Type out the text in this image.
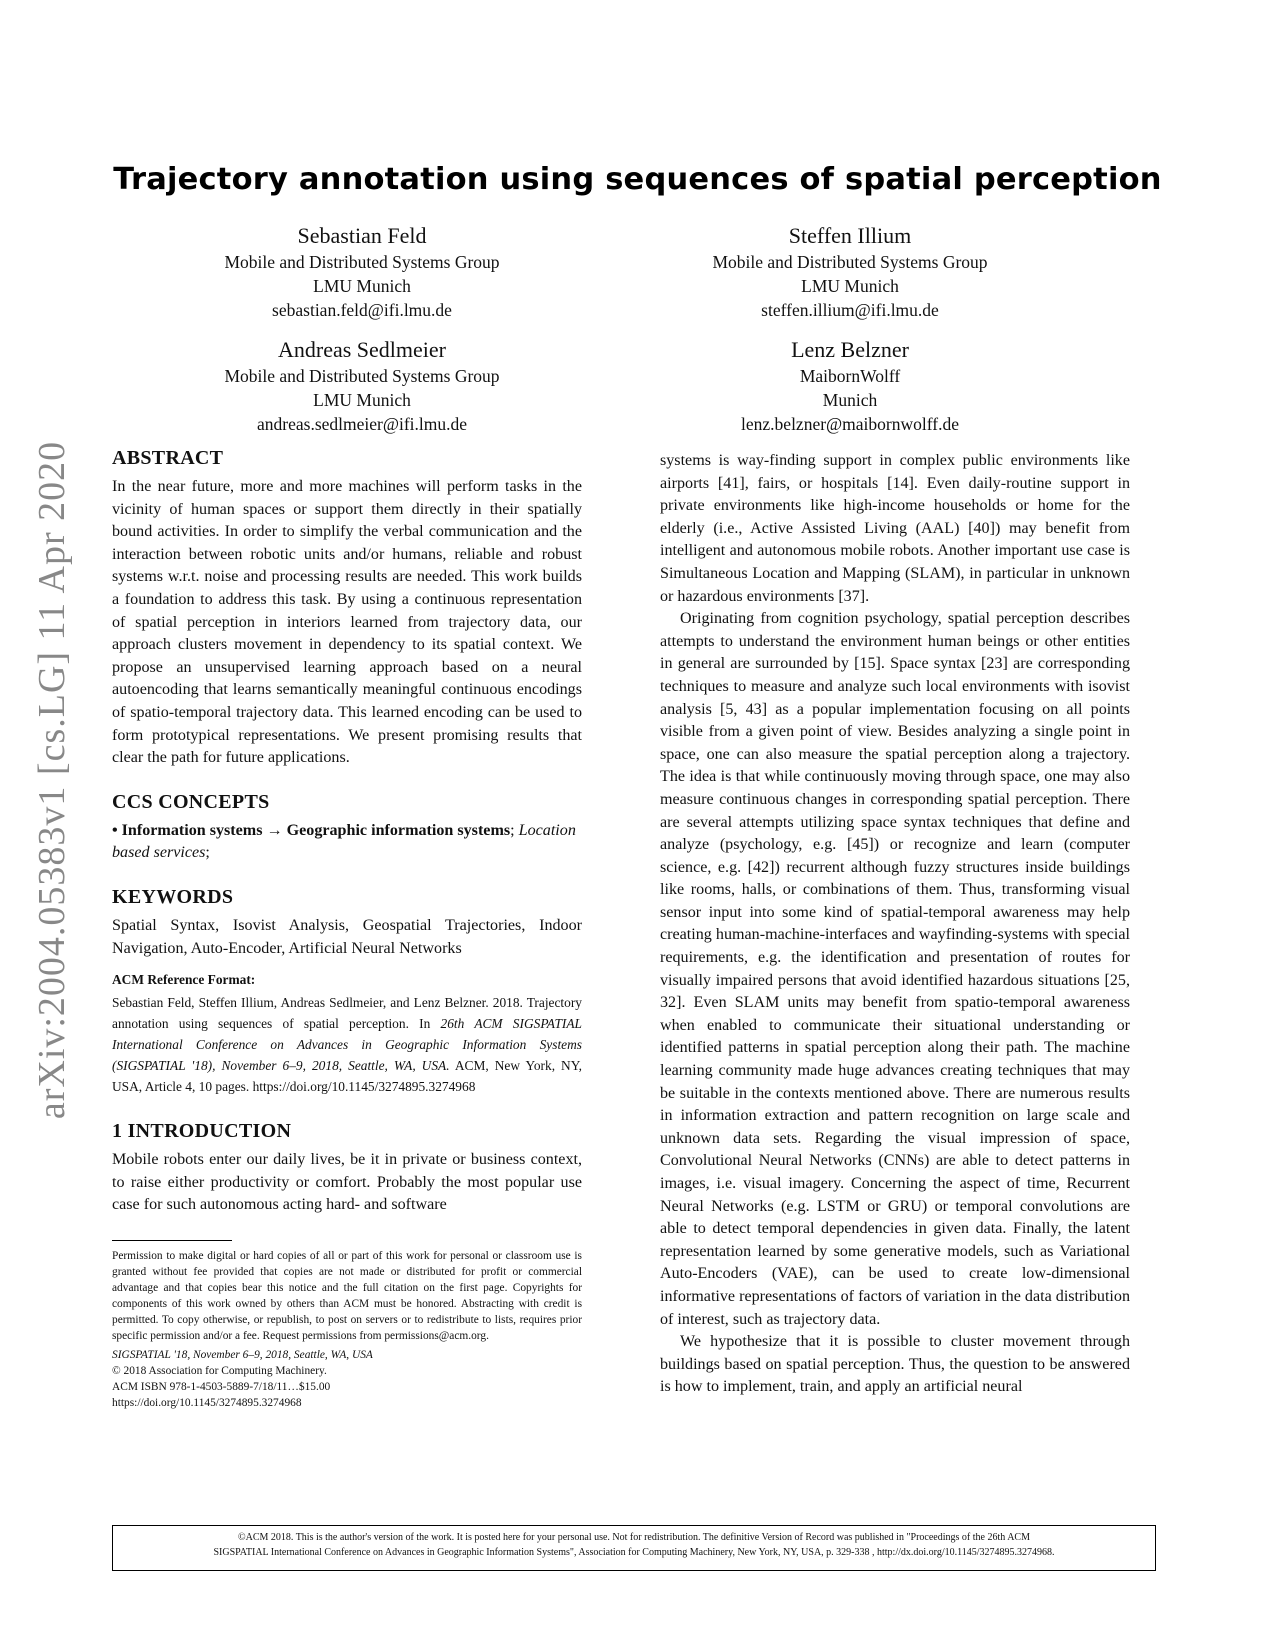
arXiv:2004.05383v1 [cs.LG] 11 Apr 2020
Trajectory annotation using sequences of spatial perception
Sebastian Feld
Mobile and Distributed Systems Group
LMU Munich
sebastian.feld@ifi.lmu.de
Steffen Illium
Mobile and Distributed Systems Group
LMU Munich
steffen.illium@ifi.lmu.de
Andreas Sedlmeier
Mobile and Distributed Systems Group
LMU Munich
andreas.sedlmeier@ifi.lmu.de
Lenz Belzner
MaibornWolff
Munich
lenz.belzner@maibornwolff.de
ABSTRACT

In the near future, more and more machines will perform tasks in the vicinity of human spaces or support them directly in their spatially bound activities. In order to simplify the verbal communication and the interaction between robotic units and/or humans, reliable and robust systems w.r.t. noise and processing results are needed. This work builds a foundation to address this task. By using a continuous representation of spatial perception in interiors learned from trajectory data, our approach clusters movement in dependency to its spatial context. We propose an unsupervised learning approach based on a neural autoencoding that learns semantically meaningful continuous encodings of spatio-temporal trajectory data. This learned encoding can be used to form prototypical representations. We present promising results that clear the path for future applications.

CCS CONCEPTS

• Information systems → Geographic information systems; Location based services;

KEYWORDS

Spatial Syntax, Isovist Analysis, Geospatial Trajectories, Indoor Navigation, Auto-Encoder, Artificial Neural Networks

ACM Reference Format:

Sebastian Feld, Steffen Illium, Andreas Sedlmeier, and Lenz Belzner. 2018. Trajectory annotation using sequences of spatial perception. In 26th ACM SIGSPATIAL International Conference on Advances in Geographic Information Systems (SIGSPATIAL '18), November 6–9, 2018, Seattle, WA, USA. ACM, New York, NY, USA, Article 4, 10 pages. https://doi.org/10.1145/3274895.3274968

1 INTRODUCTION

Mobile robots enter our daily lives, be it in private or business context, to raise either productivity or comfort. Probably the most popular use case for such autonomous acting hard- and software

Permission to make digital or hard copies of all or part of this work for personal or classroom use is granted without fee provided that copies are not made or distributed for profit or commercial advantage and that copies bear this notice and the full citation on the first page. Copyrights for components of this work owned by others than ACM must be honored. Abstracting with credit is permitted. To copy otherwise, or republish, to post on servers or to redistribute to lists, requires prior specific permission and/or a fee. Request permissions from permissions@acm.org.

SIGSPATIAL '18, November 6–9, 2018, Seattle, WA, USA
© 2018 Association for Computing Machinery.
ACM ISBN 978-1-4503-5889-7/18/11…$15.00
https://doi.org/10.1145/3274895.3274968

systems is way-finding support in complex public environments like airports [41], fairs, or hospitals [14]. Even daily-routine support in private environments like high-income households or home for the elderly (i.e., Active Assisted Living (AAL) [40]) may benefit from intelligent and autonomous mobile robots. Another important use case is Simultaneous Location and Mapping (SLAM), in particular in unknown or hazardous environments [37].

Originating from cognition psychology, spatial perception describes attempts to understand the environment human beings or other entities in general are surrounded by [15]. Space syntax [23] are corresponding techniques to measure and analyze such local environments with isovist analysis [5, 43] as a popular implementation focusing on all points visible from a given point of view. Besides analyzing a single point in space, one can also measure the spatial perception along a trajectory. The idea is that while continuously moving through space, one may also measure continuous changes in corresponding spatial perception. There are several attempts utilizing space syntax techniques that define and analyze (psychology, e.g. [45]) or recognize and learn (computer science, e.g. [42]) recurrent although fuzzy structures inside buildings like rooms, halls, or combinations of them. Thus, transforming visual sensor input into some kind of spatial-temporal awareness may help creating human-machine-interfaces and wayfinding-systems with special requirements, e.g. the identification and presentation of routes for visually impaired persons that avoid identified hazardous situations [25, 32]. Even SLAM units may benefit from spatio-temporal awareness when enabled to communicate their situational understanding or identified patterns in spatial perception along their path. The machine learning community made huge advances creating techniques that may be suitable in the contexts mentioned above. There are numerous results in information extraction and pattern recognition on large scale and unknown data sets. Regarding the visual impression of space, Convolutional Neural Networks (CNNs) are able to detect patterns in images, i.e. visual imagery. Concerning the aspect of time, Recurrent Neural Networks (e.g. LSTM or GRU) or temporal convolutions are able to detect temporal dependencies in given data. Finally, the latent representation learned by some generative models, such as Variational Auto-Encoders (VAE), can be used to create low-dimensional informative representations of factors of variation in the data distribution of interest, such as trajectory data.

We hypothesize that it is possible to cluster movement through buildings based on spatial perception. Thus, the question to be answered is how to implement, train, and apply an artificial neural

©ACM 2018. This is the author's version of the work. It is posted here for your personal use. Not for redistribution. The definitive Version of Record was published in "Proceedings of the 26th ACM
SIGSPATIAL International Conference on Advances in Geographic Information Systems", Association for Computing Machinery, New York, NY, USA, p. 329-338 , http://dx.doi.org/10.1145/3274895.3274968.
